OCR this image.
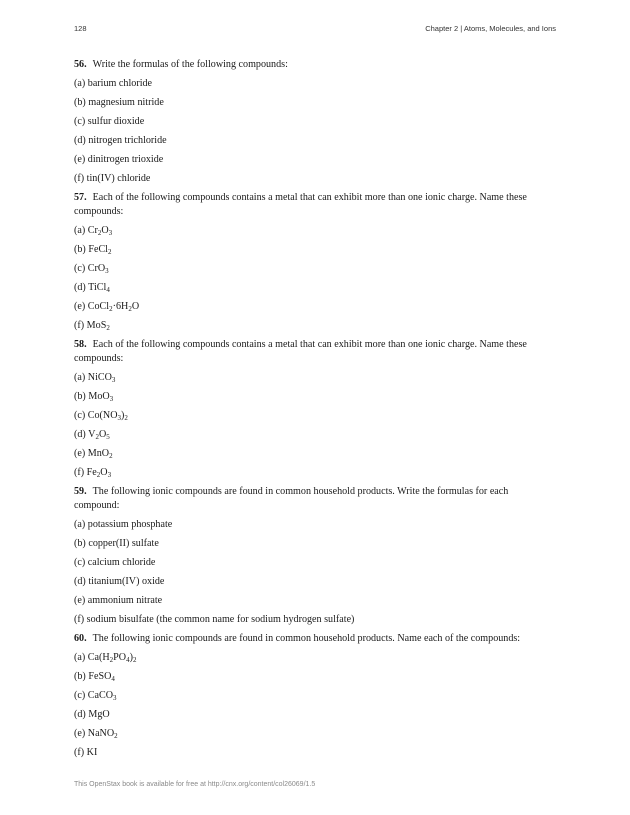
128	Chapter 2 | Atoms, Molecules, and Ions
56. Write the formulas of the following compounds:
(a) barium chloride
(b) magnesium nitride
(c) sulfur dioxide
(d) nitrogen trichloride
(e) dinitrogen trioxide
(f) tin(IV) chloride
57. Each of the following compounds contains a metal that can exhibit more than one ionic charge. Name these compounds:
(a) $Cr_2O_3$
(b) FeCl$_2$
(c) CrO$_3$
(d) TiCl$_4$
(e) $CoCl_2\cdot 6H_2O$
(f) MoS$_2$
58. Each of the following compounds contains a metal that can exhibit more than one ionic charge. Name these compounds:
(a) NiCO$_3$
(b) MoO$_3$
(c) $Co(NO_3)_2$
(d) $V_2O_5$
(e) MnO$_2$
(f) $Fe_2O_3$
59. The following ionic compounds are found in common household products. Write the formulas for each compound:
(a) potassium phosphate
(b) copper(II) sulfate
(c) calcium chloride
(d) titanium(IV) oxide
(e) ammonium nitrate
(f) sodium bisulfate (the common name for sodium hydrogen sulfate)
60. The following ionic compounds are found in common household products. Name each of the compounds:
(a) $Ca(H_2PO_4)_2$
(b) FeSO$_4$
(c) CaCO$_3$
(d) MgO
(e) NaNO$_2$
(f) KI
This OpenStax book is available for free at http://cnx.org/content/col26069/1.5
